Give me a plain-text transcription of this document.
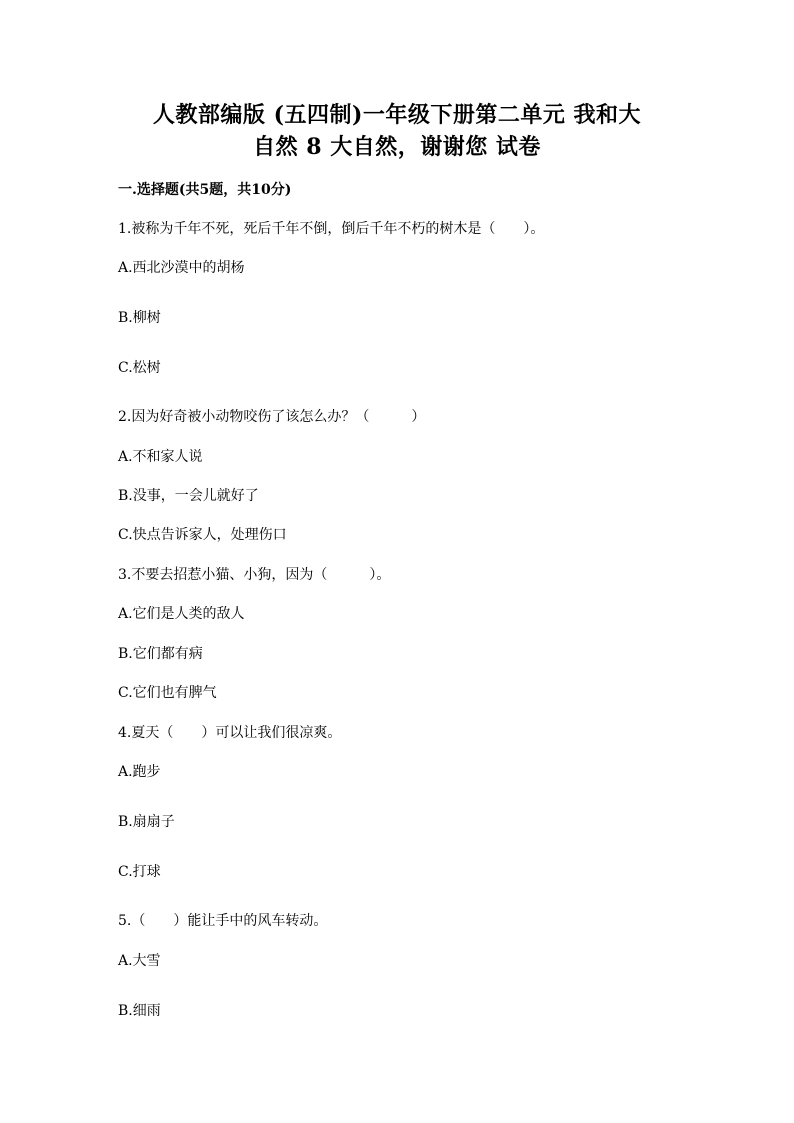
人教部编版 (五四制)一年级下册第二单元 我和大
自然 8 大自然，谢谢您 试卷
一.选择题(共5题，共10分)
1.被称为千年不死，死后千年不倒，倒后千年不朽的树木是（　　）。
A.西北沙漠中的胡杨
B.柳树
C.松树
2.因为好奇被小动物咬伤了该怎么办？（　　　）
A.不和家人说
B.没事，一会儿就好了
C.快点告诉家人，处理伤口
3.不要去招惹小猫、小狗，因为（　　　）。
A.它们是人类的敌人
B.它们都有病
C.它们也有脾气
4.夏天（　　）可以让我们很凉爽。
A.跑步
B.扇扇子
C.打球
5.（　　）能让手中的风车转动。
A.大雪
B.细雨
